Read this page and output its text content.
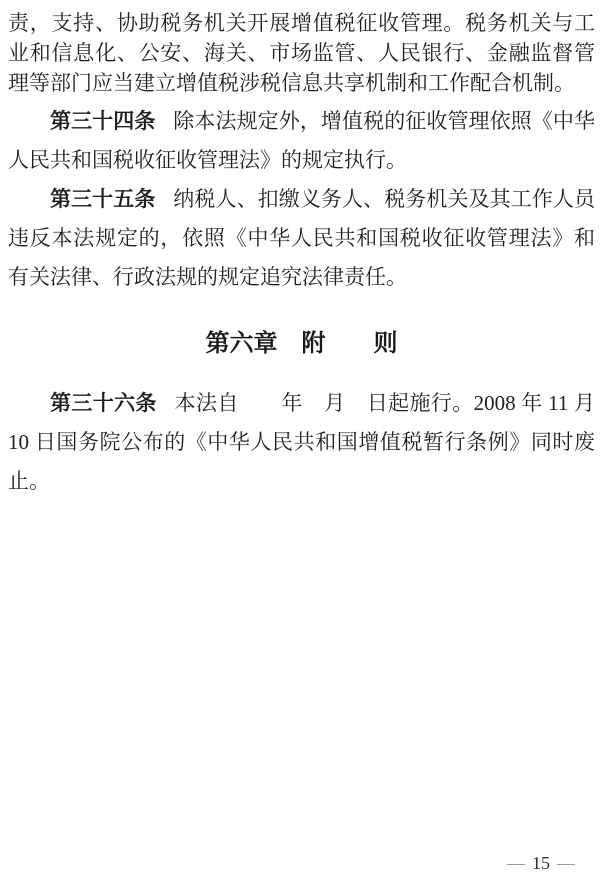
责，支持、协助税务机关开展增值税征收管理。税务机关与工业和信息化、公安、海关、市场监管、人民银行、金融监督管理等部门应当建立增值税涉税信息共享机制和工作配合机制。

第三十四条 除本法规定外，增值税的征收管理依照《中华人民共和国税收征收管理法》的规定执行。

第三十五条 纳税人、扣缴义务人、税务机关及其工作人员违反本法规定的，依照《中华人民共和国税收征收管理法》和有关法律、行政法规的规定追究法律责任。

第六章　附　　则

第三十六条 本法自　　年　月　日起施行。2008 年 11 月 10 日国务院公布的《中华人民共和国增值税暂行条例》同时废止。

— 15 —
